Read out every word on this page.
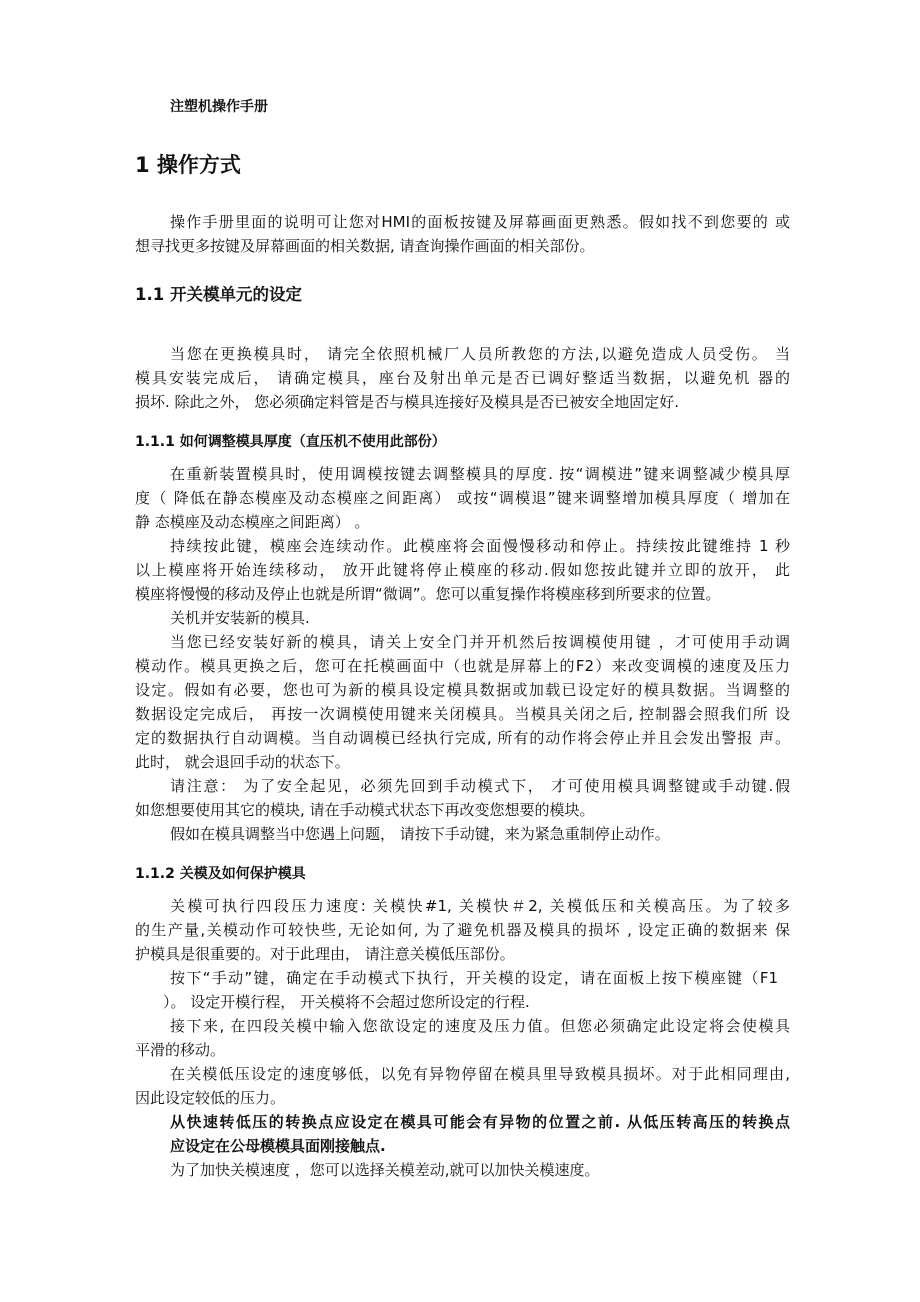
注塑机操作手册
1 操作方式
操作手册里面的说明可让您对HMI的面板按键及屏幕画面更熟悉。假如找不到您要的 或
想寻找更多按键及屏幕画面的相关数据, 请查询操作画面的相关部份。
1.1 开关模单元的设定
当您在更换模具时， 请完全依照机械厂人员所教您的方法,以避免造成人员受伤。 当
模具安装完成后， 请确定模具，座台及射出单元是否已调好整适当数据，以避免机 器的
损坏. 除此之外， 您必须确定料管是否与模具连接好及模具是否已被安全地固定好.
1.1.1 如何调整模具厚度（直压机不使用此部份）
在重新装置模具时，使用调模按键去调整模具的厚度. 按“调模进”键来调整减少模具厚
度（ 降低在静态模座及动态模座之间距离） 或按“调模退”键来调整增加模具厚度（ 增加在
静 态模座及动态模座之间距离） 。
持续按此键，模座会连续动作。此模座将会面慢慢移动和停止。持续按此键维持 1 秒
以上模座将开始连续移动， 放开此键将停止模座的移动.假如您按此键并立即的放开， 此
模座将慢慢的移动及停止也就是所谓“微调”。您可以重复操作将模座移到所要求的位置。
关机并安装新的模具.
当您已经安装好新的模具，请关上安全门并开机然后按调模使用键 ，才可使用手动调
模动作。模具更换之后，您可在托模画面中（也就是屏幕上的F2）来改变调模的速度及压力
设定。假如有必要，您也可为新的模具设定模具数据或加载已设定好的模具数据。当调整的
数据设定完成后， 再按一次调模使用键来关闭模具。当模具关闭之后, 控制器会照我们所 设
定的数据执行自动调模。当自动调模已经执行完成, 所有的动作将会停止并且会发出警报 声。
此时， 就会退回手动的状态下。
请注意： 为了安全起见，必须先回到手动模式下， 才可使用模具调整键或手动键.假
如您想要使用其它的模块, 请在手动模式状态下再改变您想要的模块。
假如在模具调整当中您遇上问题， 请按下手动键，来为紧急重制停止动作。
1.1.2 关模及如何保护模具
关模可执行四段压力速度: 关模快#1, 关模快＃2, 关模低压和关模高压。为了较多
的生产量,关模动作可较快些, 无论如何, 为了避免机器及模具的损坏 , 设定正确的数据来 保
护模具是很重要的。对于此理由， 请注意关模低压部份。
按下“手动”键，确定在手动模式下执行，开关模的设定，请在面板上按下模座键（F1
）。 设定开模行程， 开关模将不会超过您所设定的行程.
接下来, 在四段关模中输入您欲设定的速度及压力值。但您必须确定此设定将会使模具
平滑的移动。
在关模低压设定的速度够低，以免有异物停留在模具里导致模具损坏。对于此相同理由,
因此设定较低的压力。
从快速转低压的转换点应设定在模具可能会有异物的位置之前. 从低压转高压的转换点
应设定在公母模模具面刚接触点.
为了加快关模速度 ，您可以选择关模差动,就可以加快关模速度。
